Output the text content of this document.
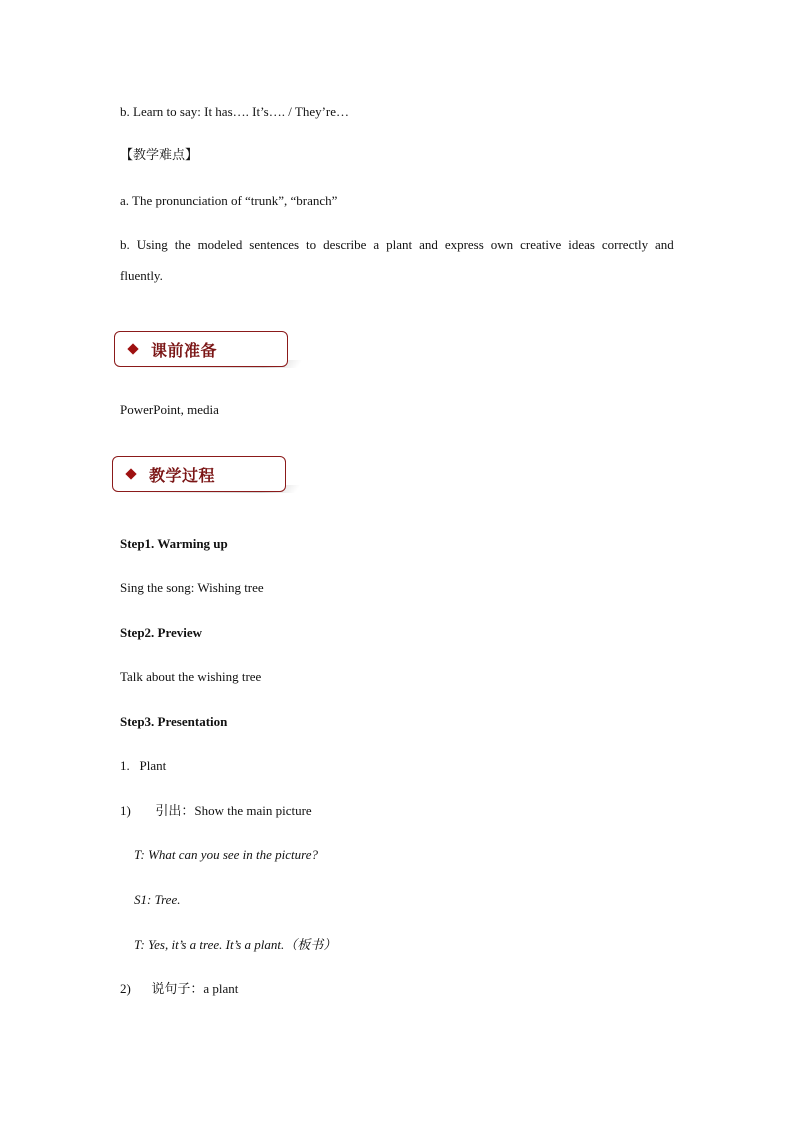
b. Learn to say: It has…. It’s…. / They’re…
【教学难点】
a. The pronunciation of “trunk”, “branch”
b. Using the modeled sentences to describe a plant and express own creative ideas correctly and
fluently.
课前准备
PowerPoint, media
教学过程
Step1. Warming up
Sing the song: Wishing tree
Step2. Preview
Talk about the wishing tree
Step3. Presentation
1.   Plant
1) 引出：Show the main picture
T: What can you see in the picture?
S1: Tree.
T: Yes, it’s a tree. It’s a plant.（板书）
2) 说句子：a plant
